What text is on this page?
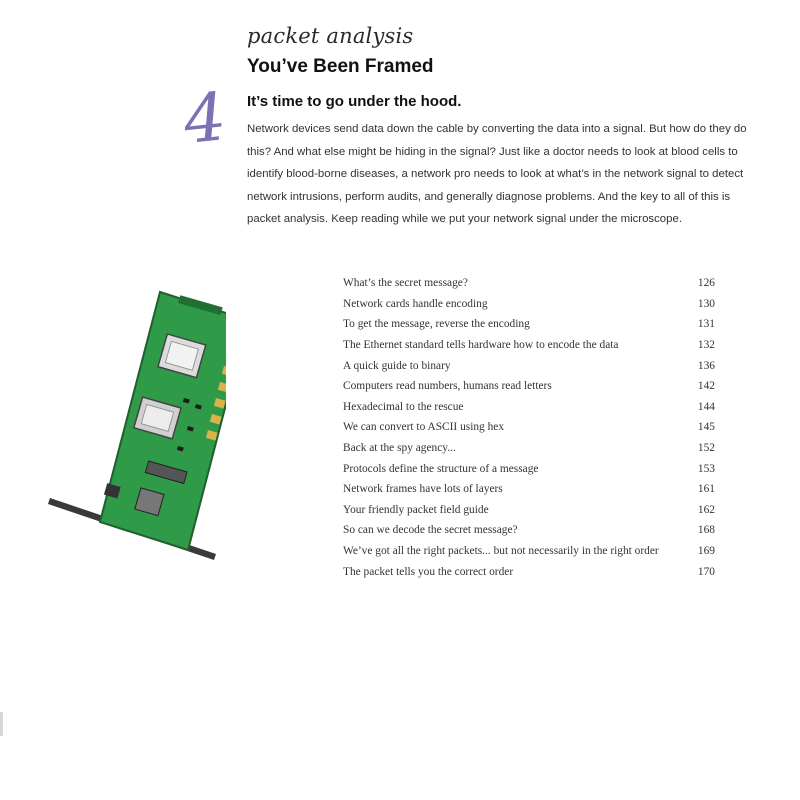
4
packet analysis
You’ve Been Framed
It’s time to go under the hood.

Network devices send data down the cable by converting the data into a signal. But how do they do this? And what else might be hiding in the signal? Just like a doctor needs to look at blood cells to identify blood-borne diseases, a network pro needs to look at what’s in the network signal to detect network intrusions, perform audits, and generally diagnose problems. And the key to all of this is packet analysis. Keep reading while we put your network signal under the microscope.

What’s the secret message?	126
Network cards handle encoding	130
To get the message, reverse the encoding	131
The Ethernet standard tells hardware how to encode the data	132
A quick guide to binary	136
Computers read numbers, humans read letters	142
Hexadecimal to the rescue	144
We can convert to ASCII using hex	145
Back at the spy agency...	152
Protocols define the structure of a message	153
Network frames have lots of layers	161
Your friendly packet field guide	162
So can we decode the secret message?	168
We’ve got all the right packets... but not necessarily in the right order	169
The packet tells you the correct order	170
